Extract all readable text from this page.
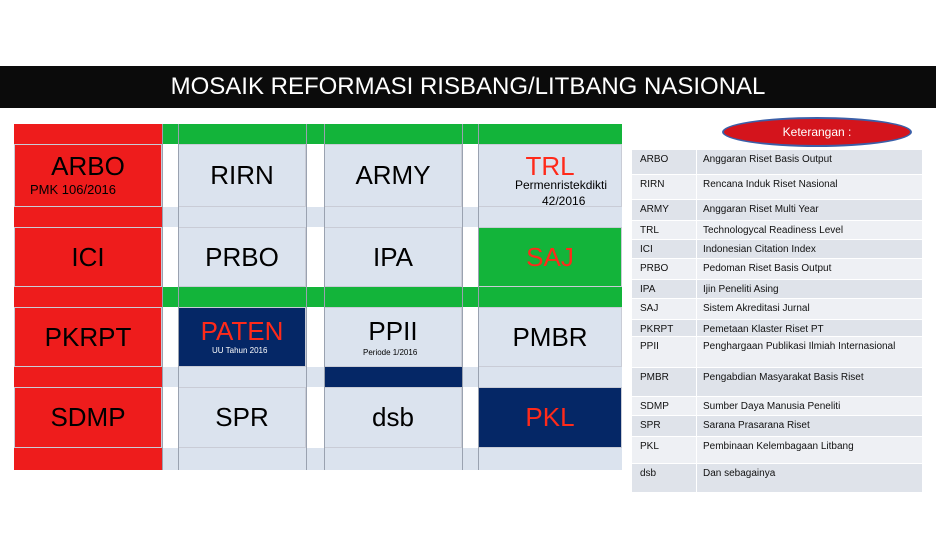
MOSAIK REFORMASI RISBANG/LITBANG NASIONAL
Keterangan :
ARBO
PMK 106/2016
ICI
PKRPT
SDMP
RIRN
PRBO
PATEN
UU Tahun 2016
SPR
ARMY
IPA
PPII
Periode 1/2016
dsb
TRL
Permenristekdikti
42/2016
SAJ
PMBR
PKL
ARBO	Anggaran Riset Basis Output
RIRN	Rencana Induk Riset Nasional
ARMY	Anggaran Riset Multi Year
TRL	Technologycal Readiness Level
ICI	Indonesian Citation Index
PRBO	Pedoman Riset Basis Output
IPA	Ijin Peneliti Asing
SAJ	Sistem Akreditasi Jurnal
PKRPT	Pemetaan Klaster Riset PT
PPII	Penghargaan Publikasi Ilmiah Internasional
PMBR	Pengabdian Masyarakat Basis Riset
SDMP	Sumber Daya Manusia Peneliti
SPR	Sarana Prasarana Riset
PKL	Pembinaan Kelembagaan Litbang
dsb	Dan sebagainya
